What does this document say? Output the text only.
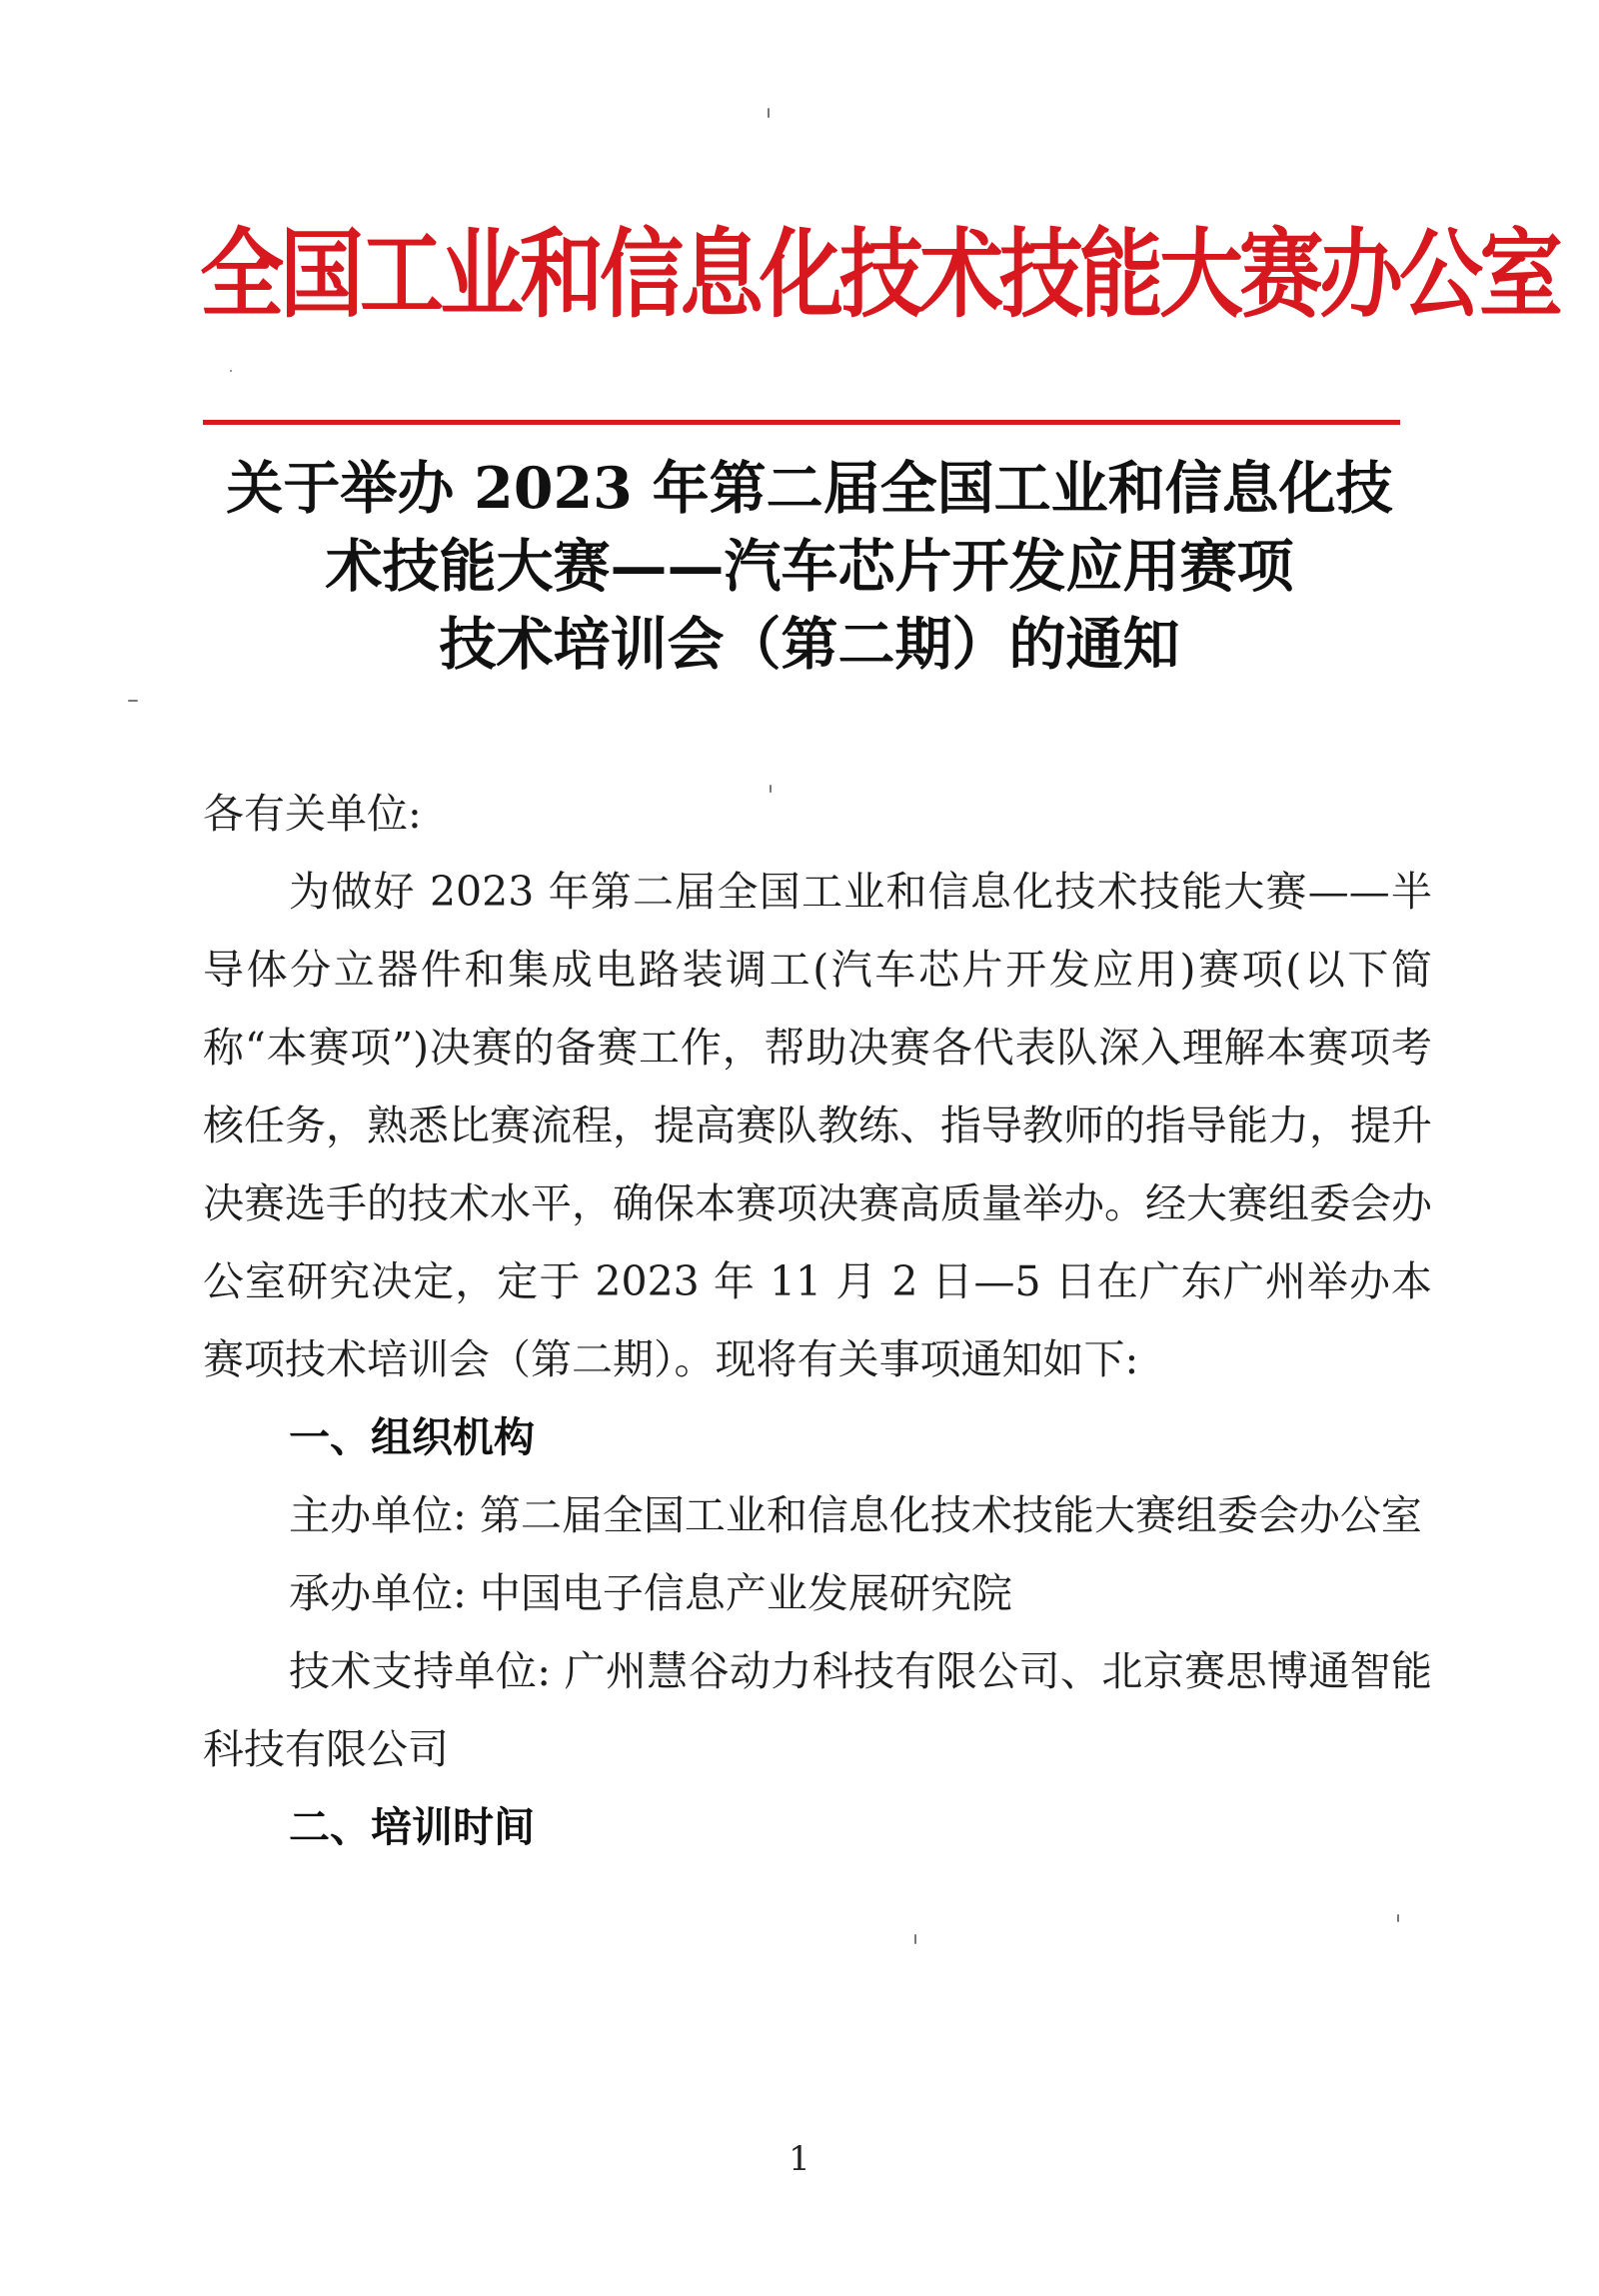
全国工业和信息化技术技能大赛办公室
关于举办 2023 年第二届全国工业和信息化技
术技能大赛——汽车芯片开发应用赛项
技术培训会（第二期）的通知

各有关单位:

为做好 2023 年第二届全国工业和信息化技术技能大赛——半导体分立器件和集成电路装调工(汽车芯片开发应用)赛项(以下简称“本赛项”)决赛的备赛工作，帮助决赛各代表队深入理解本赛项考核任务，熟悉比赛流程，提高赛队教练、指导教师的指导能力，提升决赛选手的技术水平，确保本赛项决赛高质量举办。经大赛组委会办公室研究决定，定于 2023 年 11 月 2 日—5 日在广东广州举办本赛项技术培训会（第二期）。现将有关事项通知如下:

一、组织机构

主办单位: 第二届全国工业和信息化技术技能大赛组委会办公室

承办单位: 中国电子信息产业发展研究院

技术支持单位: 广州慧谷动力科技有限公司、北京赛思博通智能科技有限公司

二、培训时间

1
